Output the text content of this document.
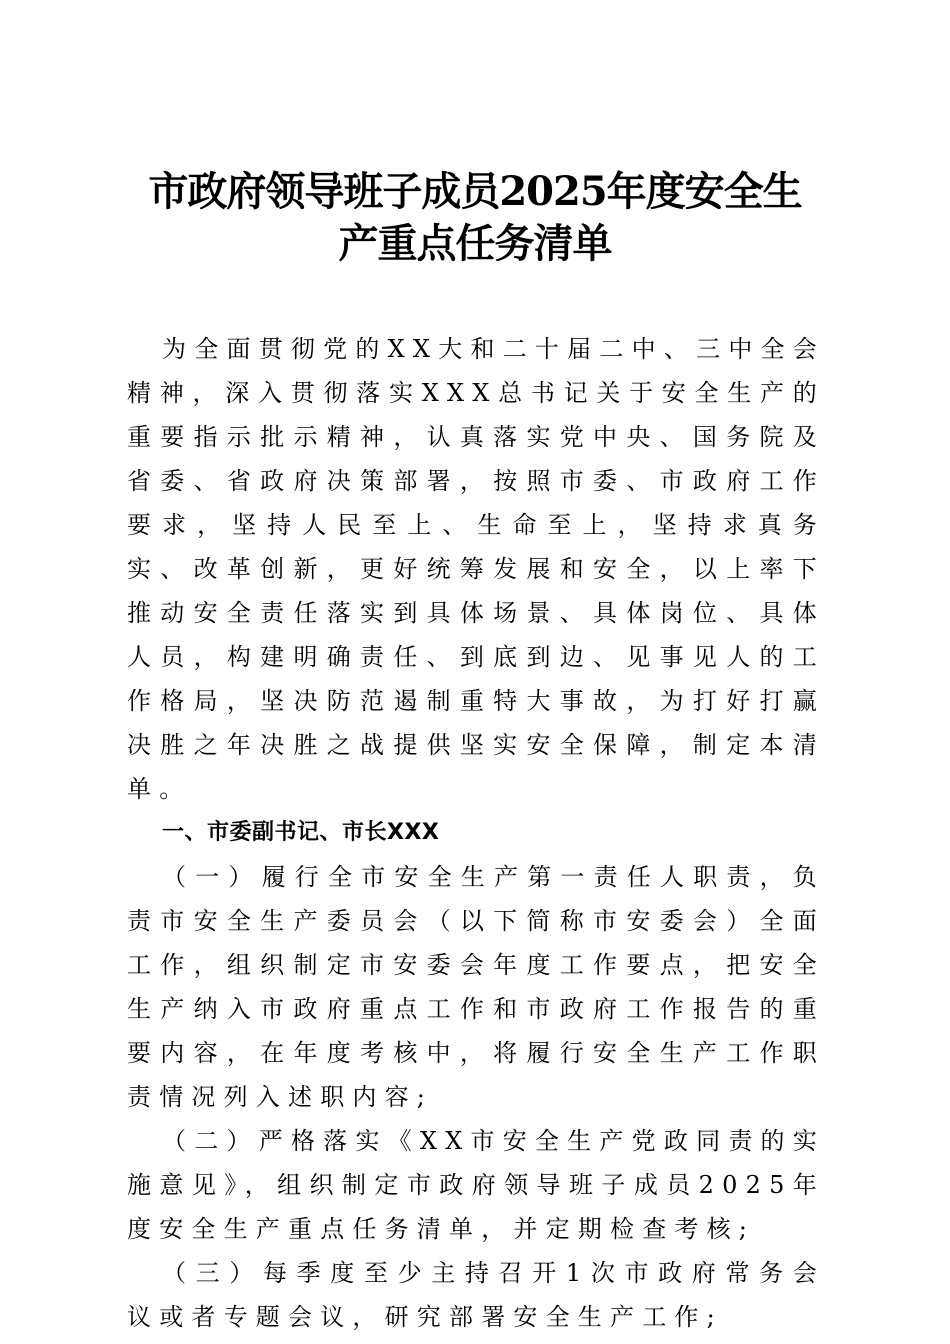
市政府领导班子成员2025年度安全生
产重点任务清单

为全面贯彻党的XX大和二十届二中、三中全会精神，深入贯彻落实XXX总书记关于安全生产的重要指示批示精神，认真落实党中央、国务院及省委、省政府决策部署，按照市委、市政府工作要求，坚持人民至上、生命至上，坚持求真务实、改革创新，更好统筹发展和安全，以上率下推动安全责任落实到具体场景、具体岗位、具体人员，构建明确责任、到底到边、见事见人的工作格局，坚决防范遏制重特大事故，为打好打赢决胜之年决胜之战提供坚实安全保障，制定本清单。

一、市委副书记、市长XXX

（一）履行全市安全生产第一责任人职责，负责市安全生产委员会（以下简称市安委会）全面工作，组织制定市安委会年度工作要点，把安全生产纳入市政府重点工作和市政府工作报告的重要内容，在年度考核中，将履行安全生产工作职责情况列入述职内容;

（二）严格落实《XX市安全生产党政同责的实施意见》，组织制定市政府领导班子成员2025年度安全生产重点任务清单，并定期检查考核;

（三）每季度至少主持召开1次市政府常务会议或者专题会议，研究部署安全生产工作;
